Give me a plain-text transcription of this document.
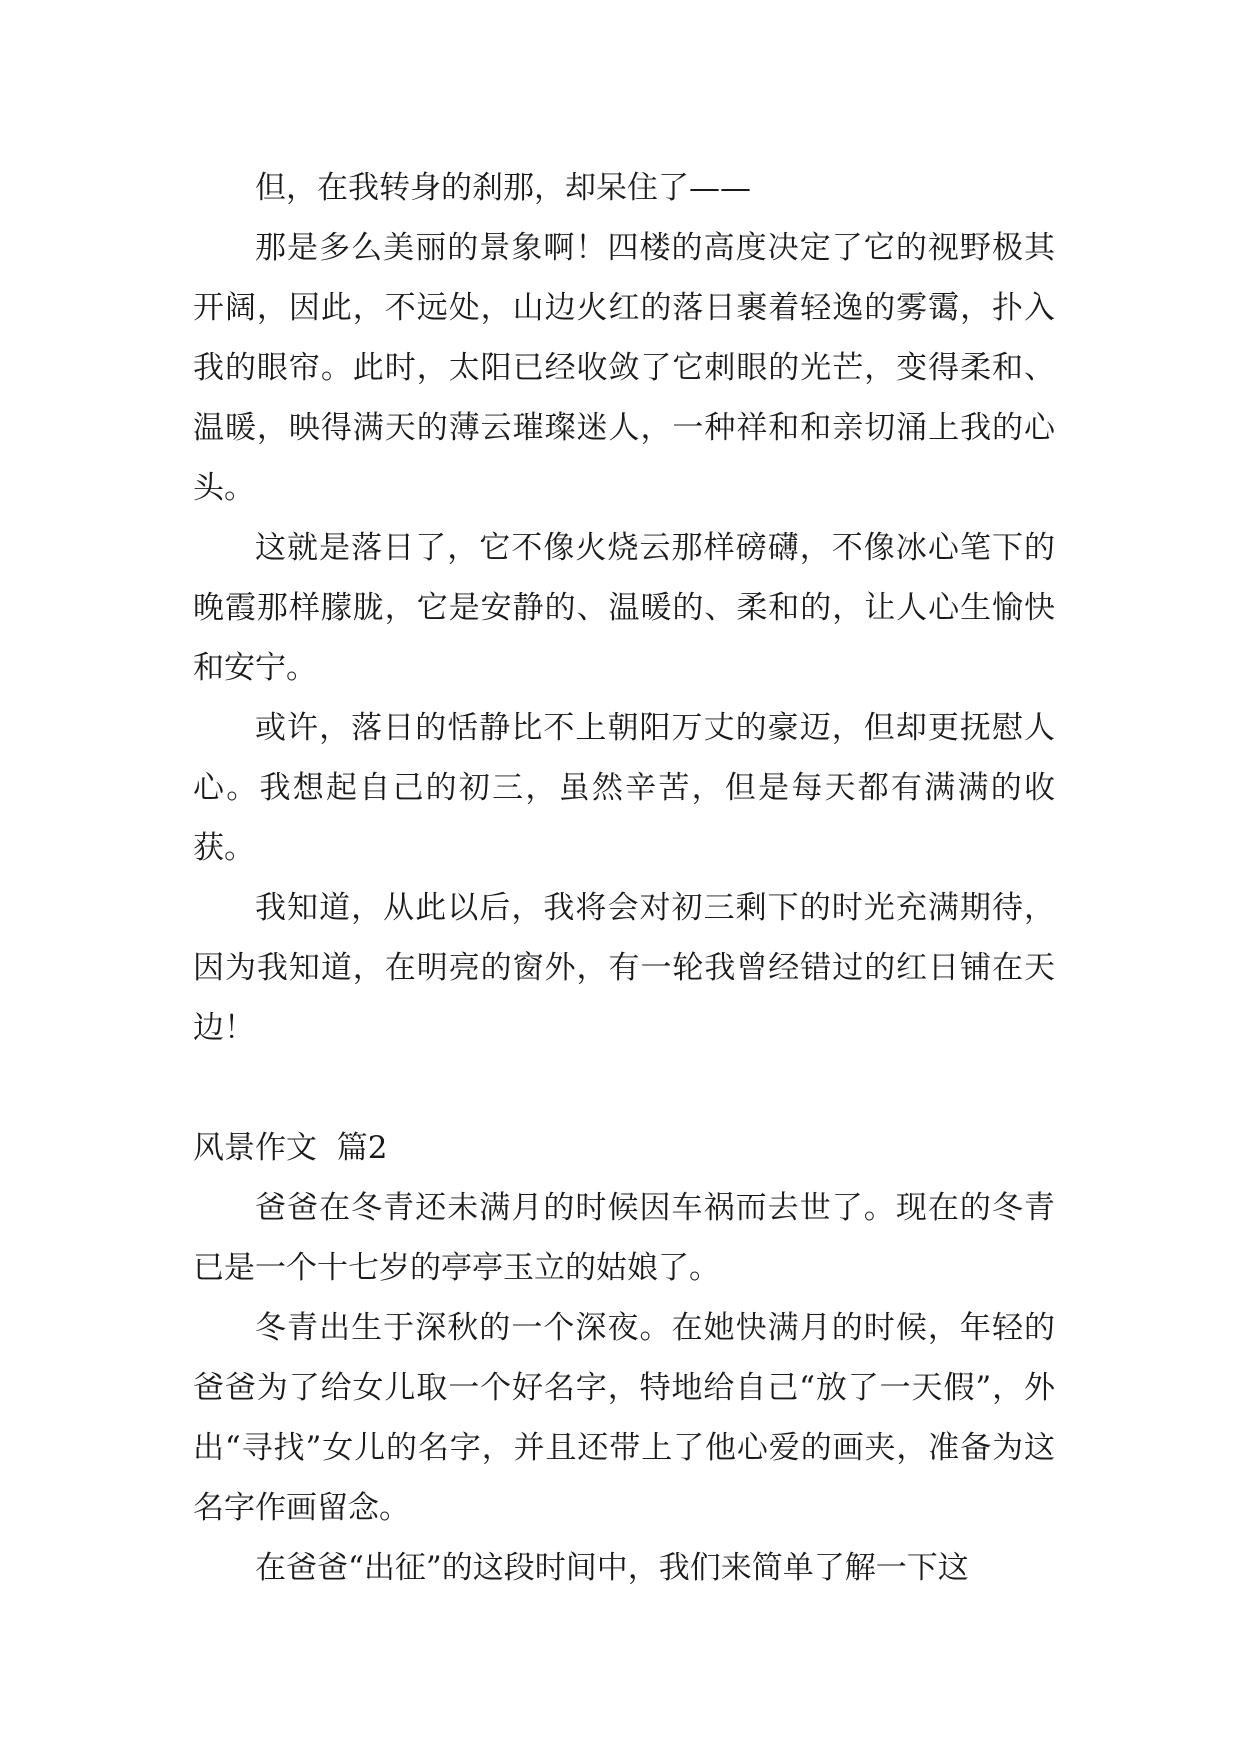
但，在我转身的刹那，却呆住了——

那是多么美丽的景象啊！四楼的高度决定了它的视野极其开阔，因此，不远处，山边火红的落日裹着轻逸的雾霭，扑入我的眼帘。此时，太阳已经收敛了它刺眼的光芒，变得柔和、温暖，映得满天的薄云璀璨迷人，一种祥和和亲切涌上我的心头。

这就是落日了，它不像火烧云那样磅礴，不像冰心笔下的晚霞那样朦胧，它是安静的、温暖的、柔和的，让人心生愉快和安宁。

或许，落日的恬静比不上朝阳万丈的豪迈，但却更抚慰人心。我想起自己的初三，虽然辛苦，但是每天都有满满的收获。

我知道，从此以后，我将会对初三剩下的时光充满期待，因为我知道，在明亮的窗外，有一轮我曾经错过的红日铺在天边！

风景作文  篇2

爸爸在冬青还未满月的时候因车祸而去世了。现在的冬青已是一个十七岁的亭亭玉立的姑娘了。

冬青出生于深秋的一个深夜。在她快满月的时候，年轻的爸爸为了给女儿取一个好名字，特地给自己“放了一天假”，外出“寻找”女儿的名字，并且还带上了他心爱的画夹，准备为这名字作画留念。

在爸爸“出征”的这段时间中，我们来简单了解一下这
